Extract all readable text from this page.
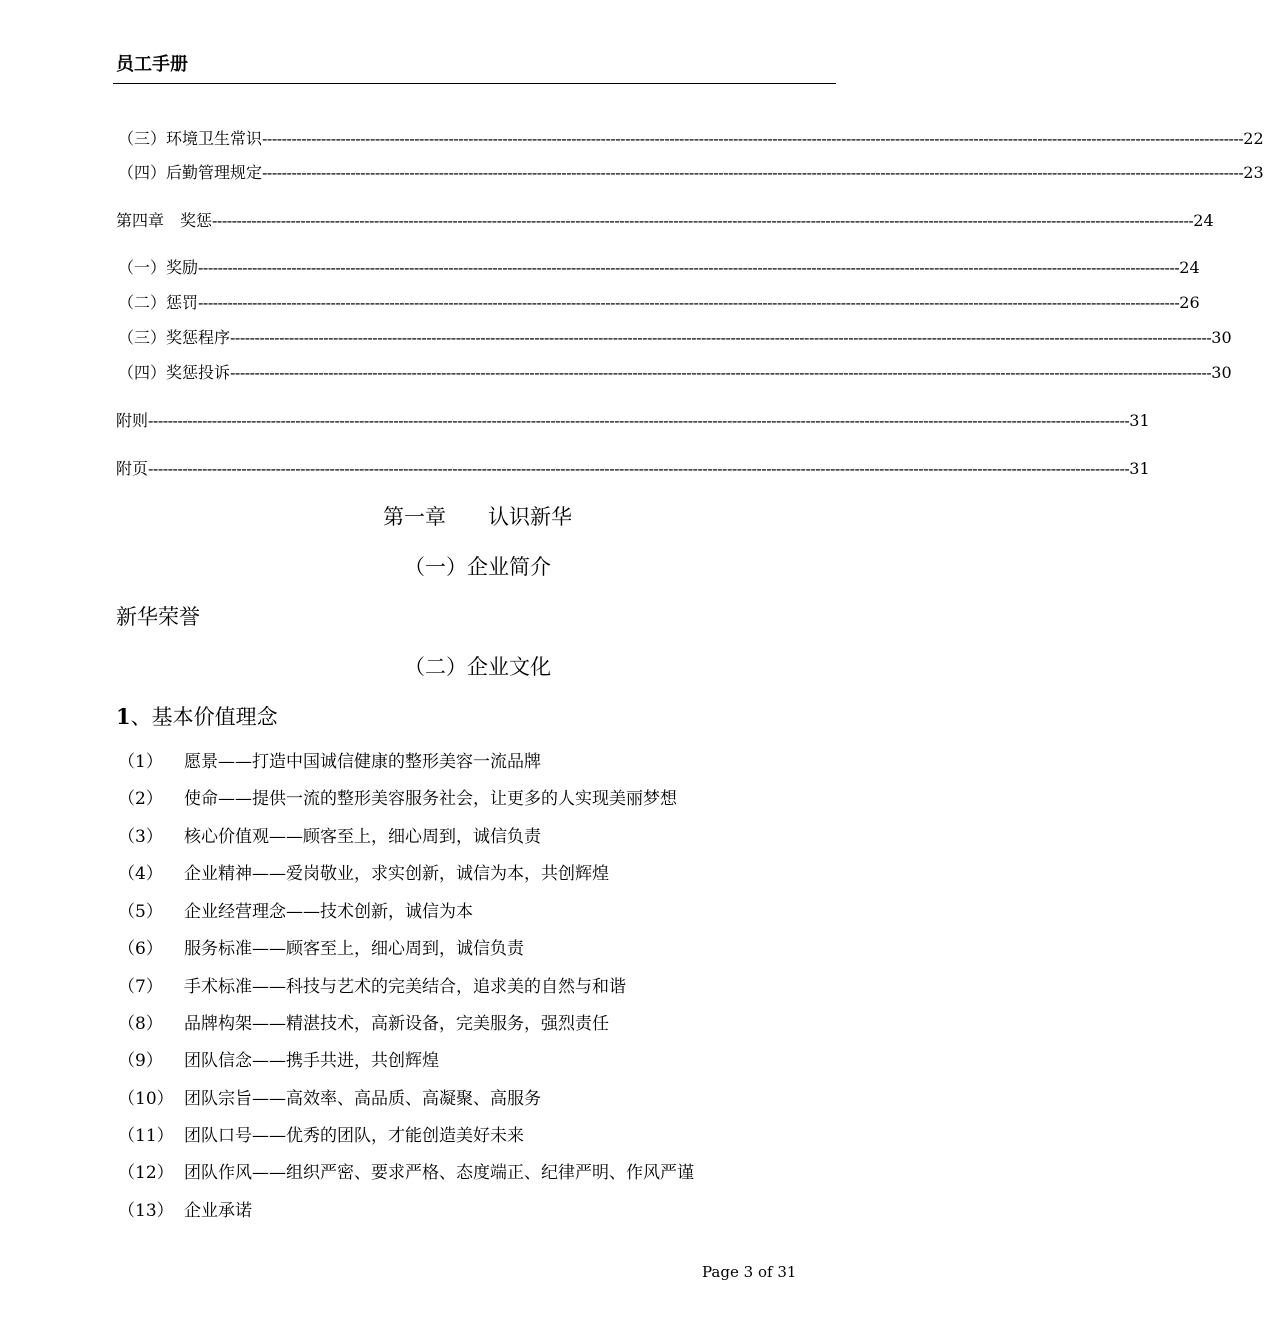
员工手册
（三）环境卫生常识 -------------------------------------------------------------------------------------------------------------------------------------------------------------------------------------------------------- 22
（四）后勤管理规定 -------------------------------------------------------------------------------------------------------------------------------------------------------------------------------------------------------- 23
第四章　奖惩 -------------------------------------------------------------------------------------------------------------------------------------------------------------------------------------------------------- 24
（一）奖励 -------------------------------------------------------------------------------------------------------------------------------------------------------------------------------------------------------- 24
（二）惩罚 -------------------------------------------------------------------------------------------------------------------------------------------------------------------------------------------------------- 26
（三）奖惩程序 -------------------------------------------------------------------------------------------------------------------------------------------------------------------------------------------------------- 30
（四）奖惩投诉 -------------------------------------------------------------------------------------------------------------------------------------------------------------------------------------------------------- 30
附则 -------------------------------------------------------------------------------------------------------------------------------------------------------------------------------------------------------- 31
附页 -------------------------------------------------------------------------------------------------------------------------------------------------------------------------------------------------------- 31
第一章　　认识新华
（一）企业简介
新华荣誉
（二）企业文化
1、基本价值理念
（1）	愿景——打造中国诚信健康的整形美容一流品牌
（2）	使命——提供一流的整形美容服务社会，让更多的人实现美丽梦想
（3）	核心价值观——顾客至上，细心周到，诚信负责
（4）	企业精神——爱岗敬业，求实创新，诚信为本，共创辉煌
（5）	企业经营理念——技术创新，诚信为本
（6）	服务标准——顾客至上，细心周到，诚信负责
（7）	手术标准——科技与艺术的完美结合，追求美的自然与和谐
（8）	品牌构架——精湛技术，高新设备，完美服务，强烈责任
（9）	团队信念——携手共进，共创辉煌
（10） 团队宗旨——高效率、高品质、高凝聚、高服务
（11） 团队口号——优秀的团队，才能创造美好未来
（12） 团队作风——组织严密、要求严格、态度端正、纪律严明、作风严谨
（13） 企业承诺
Page 3 of 31
